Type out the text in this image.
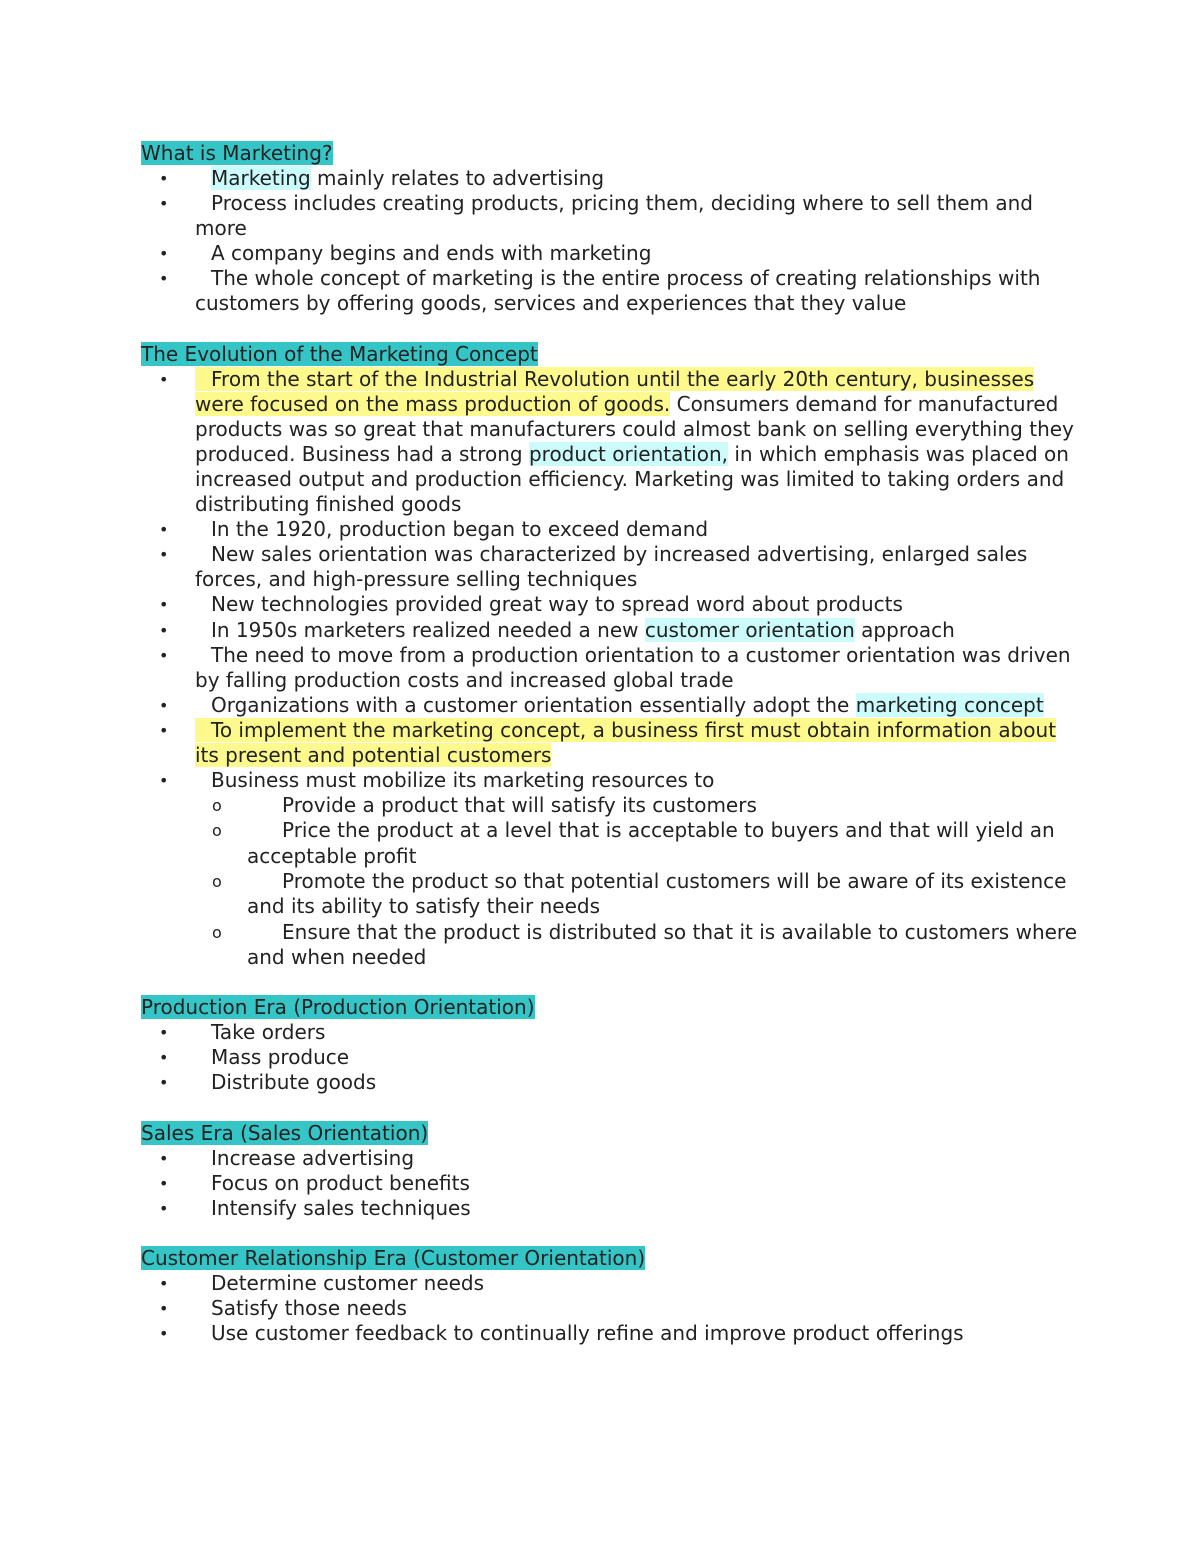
What is Marketing?

•	Marketing mainly relates to advertising
•	Process includes creating products, pricing them, deciding where to sell them and more
•	A company begins and ends with marketing
•	The whole concept of marketing is the entire process of creating relationships with customers by offering goods, services and experiences that they value

The Evolution of the Marketing Concept

•	From the start of the Industrial Revolution until the early 20th century, businesses were focused on the mass production of goods. Consumers demand for manufactured products was so great that manufacturers could almost bank on selling everything they produced. Business had a strong product orientation, in which emphasis was placed on increased output and production efficiency. Marketing was limited to taking orders and distributing finished goods
•	In the 1920, production began to exceed demand
•	New sales orientation was characterized by increased advertising, enlarged sales forces, and high-pressure selling techniques
•	New technologies provided great way to spread word about products
•	In 1950s marketers realized needed a new customer orientation approach
•	The need to move from a production orientation to a customer orientation was driven by falling production costs and increased global trade
•	Organizations with a customer orientation essentially adopt the marketing concept
•	To implement the marketing concept, a business first must obtain information about its present and potential customers
•	Business must mobilize its marketing resources to
o	Provide a product that will satisfy its customers
o	Price the product at a level that is acceptable to buyers and that will yield an acceptable profit
o	Promote the product so that potential customers will be aware of its existence and its ability to satisfy their needs
o	Ensure that the product is distributed so that it is available to customers where and when needed

Production Era (Production Orientation)

•	Take orders
•	Mass produce
•	Distribute goods

Sales Era (Sales Orientation)

•	Increase advertising
•	Focus on product benefits
•	Intensify sales techniques

Customer Relationship Era (Customer Orientation)

•	Determine customer needs
•	Satisfy those needs
•	Use customer feedback to continually refine and improve product offerings
